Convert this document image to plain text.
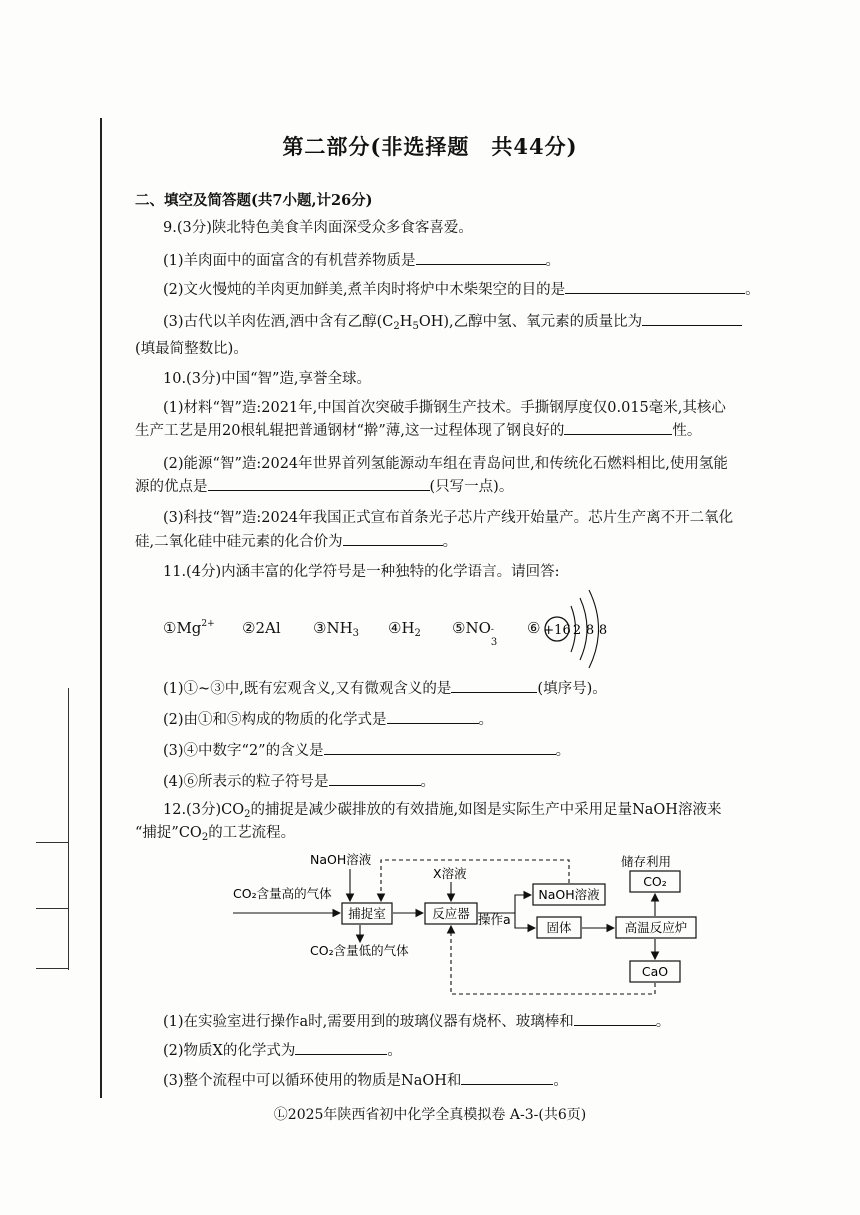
第二部分(非选择题　共44分)
二、填空及简答题(共7小题,计26分)
9.(3分)陕北特色美食羊肉面深受众多食客喜爱。
(1)羊肉面中的面富含的有机营养物质是	。
(2)文火慢炖的羊肉更加鲜美,煮羊肉时将炉中木柴架空的目的是	。
(3)古代以羊肉佐酒,酒中含有乙醇$(C_2H_5OH)$,乙醇中氢、氧元素的质量比为
(填最简整数比)。
10.(3分)中国“智”造,享誉全球。
(1)材料“智”造:2021年,中国首次突破手撕钢生产技术。手撕钢厚度仅0.015毫米,其核心
生产工艺是用20根轧辊把普通钢材“擀”薄,这一过程体现了钢良好的	性。
(2)能源“智”造:2024年世界首列氢能源动车组在青岛问世,和传统化石燃料相比,使用氢能
源的优点是	(只写一点)。
(3)科技“智”造:2024年我国正式宣布首条光子芯片产线开始量产。芯片生产离不开二氧化
硅,二氧化硅中硅元素的化合价为	。
11.(4分)内涵丰富的化学符号是一种独特的化学语言。请回答:
$①Mg^{2+}$ ②2Al $③NH_3$ $④H_2$ ⑤NO -
3
⑥ +16 2 8 8
(1)①~③中,既有宏观含义,又有微观含义的是	(填序号)。
(2)由①和⑤构成的物质的化学式是	。
(3)④中数字“2”的含义是	。
(4)⑥所表示的粒子符号是	。
12.(3分)$CO_2$的捕捉是减少碳排放的有效措施,如图是实际生产中采用足量NaOH溶液来
“捕捉$”CO_2$的工艺流程。
NaOH溶液
CO₂含量高的气体
CO₂含量低的气体
X溶液
操作a
储存利用
捕捉室	反应器
NaOH溶液
固体	高温反应炉
CO₂
CaO
(1)在实验室进行操作a时,需要用到的玻璃仪器有烧杯、玻璃棒和	。
(2)物质X的化学式为	。
(3)整个流程中可以循环使用的物质是NaOH和	。
Ⓛ2025年陕西省初中化学全真模拟卷 A-3-(共6页)
